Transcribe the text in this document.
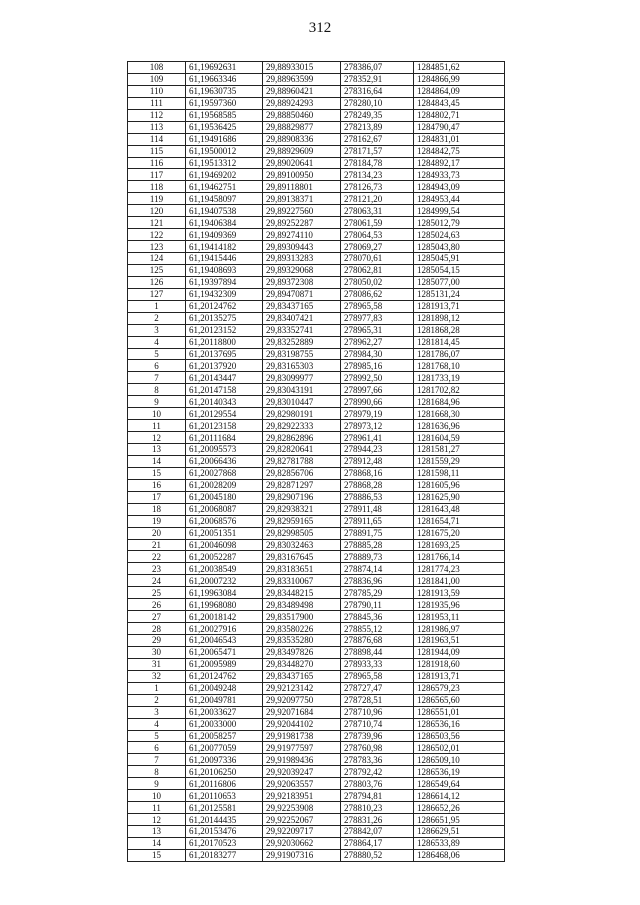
312
108	61,19692631	29,88933015	278386,07	1284851,62
109	61,19663346	29,88963599	278352,91	1284866,99
110	61,19630735	29,88960421	278316,64	1284864,09
111	61,19597360	29,88924293	278280,10	1284843,45
112	61,19568585	29,88850460	278249,35	1284802,71
113	61,19536425	29,88829877	278213,89	1284790,47
114	61,19491686	29,88908336	278162,67	1284831,01
115	61,19500012	29,88929609	278171,57	1284842,75
116	61,19513312	29,89020641	278184,78	1284892,17
117	61,19469202	29,89100950	278134,23	1284933,73
118	61,19462751	29,89118801	278126,73	1284943,09
119	61,19458097	29,89138371	278121,20	1284953,44
120	61,19407538	29,89227560	278063,31	1284999,54
121	61,19406384	29,89252287	278061,59	1285012,79
122	61,19409369	29,89274110	278064,53	1285024,63
123	61,19414182	29,89309443	278069,27	1285043,80
124	61,19415446	29,89313283	278070,61	1285045,91
125	61,19408693	29,89329068	278062,81	1285054,15
126	61,19397894	29,89372308	278050,02	1285077,00
127	61,19432309	29,89470871	278086,62	1285131,24
1	61,20124762	29,83437165	278965,58	1281913,71
2	61,20135275	29,83407421	278977,83	1281898,12
3	61,20123152	29,83352741	278965,31	1281868,28
4	61,20118800	29,83252889	278962,27	1281814,45
5	61,20137695	29,83198755	278984,30	1281786,07
6	61,20137920	29,83165303	278985,16	1281768,10
7	61,20143447	29,83099977	278992,50	1281733,19
8	61,20147158	29,83043191	278997,66	1281702,82
9	61,20140343	29,83010447	278990,66	1281684,96
10	61,20129554	29,82980191	278979,19	1281668,30
11	61,20123158	29,82922333	278973,12	1281636,96
12	61,20111684	29,82862896	278961,41	1281604,59
13	61,20095573	29,82820641	278944,23	1281581,27
14	61,20066436	29,82781788	278912,48	1281559,29
15	61,20027868	29,82856706	278868,16	1281598,11
16	61,20028209	29,82871297	278868,28	1281605,96
17	61,20045180	29,82907196	278886,53	1281625,90
18	61,20068087	29,82938321	278911,48	1281643,48
19	61,20068576	29,82959165	278911,65	1281654,71
20	61,20051351	29,82998505	278891,75	1281675,20
21	61,20046098	29,83032463	278885,28	1281693,25
22	61,20052287	29,83167645	278889,73	1281766,14
23	61,20038549	29,83183651	278874,14	1281774,23
24	61,20007232	29,83310067	278836,96	1281841,00
25	61,19963084	29,83448215	278785,29	1281913,59
26	61,19968080	29,83489498	278790,11	1281935,96
27	61,20018142	29,83517900	278845,36	1281953,11
28	61,20027916	29,83580226	278855,12	1281986,97
29	61,20046543	29,83535280	278876,68	1281963,51
30	61,20065471	29,83497826	278898,44	1281944,09
31	61,20095989	29,83448270	278933,33	1281918,60
32	61,20124762	29,83437165	278965,58	1281913,71
1	61,20049248	29,92123142	278727,47	1286579,23
2	61,20049781	29,92097750	278728,51	1286565,60
3	61,20033627	29,92071684	278710,96	1286551,01
4	61,20033000	29,92044102	278710,74	1286536,16
5	61,20058257	29,91981738	278739,96	1286503,56
6	61,20077059	29,91977597	278760,98	1286502,01
7	61,20097336	29,91989436	278783,36	1286509,10
8	61,20106250	29,92039247	278792,42	1286536,19
9	61,20116806	29,92063557	278803,76	1286549,64
10	61,20110653	29,92183951	278794,81	1286614,12
11	61,20125581	29,92253908	278810,23	1286652,26
12	61,20144435	29,92252067	278831,26	1286651,95
13	61,20153476	29,92209717	278842,07	1286629,51
14	61,20170523	29,92030662	278864,17	1286533,89
15	61,20183277	29,91907316	278880,52	1286468,06
